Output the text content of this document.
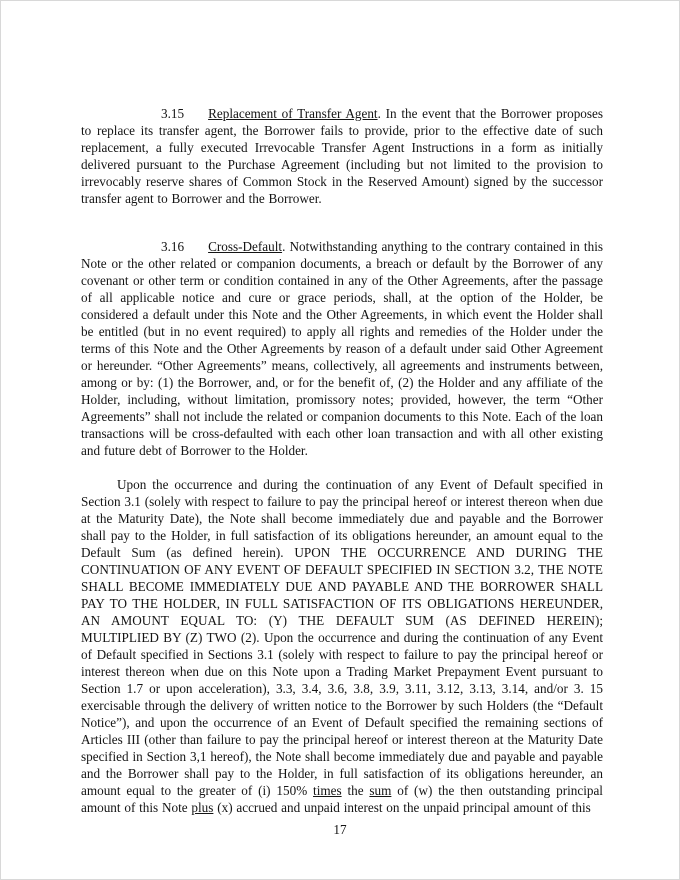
3.15 Replacement of Transfer Agent. In the event that the Borrower proposes to replace its transfer agent, the Borrower fails to provide, prior to the effective date of such replacement, a fully executed Irrevocable Transfer Agent Instructions in a form as initially delivered pursuant to the Purchase Agreement (including but not limited to the provision to irrevocably reserve shares of Common Stock in the Reserved Amount) signed by the successor transfer agent to Borrower and the Borrower.

3.16 Cross-Default. Notwithstanding anything to the contrary contained in this Note or the other related or companion documents, a breach or default by the Borrower of any covenant or other term or condition contained in any of the Other Agreements, after the passage of all applicable notice and cure or grace periods, shall, at the option of the Holder, be considered a default under this Note and the Other Agreements, in which event the Holder shall be entitled (but in no event required) to apply all rights and remedies of the Holder under the terms of this Note and the Other Agreements by reason of a default under said Other Agreement or hereunder. “Other Agreements” means, collectively, all agreements and instruments between, among or by: (1) the Borrower, and, or for the benefit of, (2) the Holder and any affiliate of the Holder, including, without limitation, promissory notes; provided, however, the term “Other Agreements” shall not include the related or companion documents to this Note. Each of the loan transactions will be cross-defaulted with each other loan transaction and with all other existing and future debt of Borrower to the Holder.

Upon the occurrence and during the continuation of any Event of Default specified in Section 3.1 (solely with respect to failure to pay the principal hereof or interest thereon when due at the Maturity Date), the Note shall become immediately due and payable and the Borrower shall pay to the Holder, in full satisfaction of its obligations hereunder, an amount equal to the Default Sum (as defined herein). UPON THE OCCURRENCE AND DURING THE CONTINUATION OF ANY EVENT OF DEFAULT SPECIFIED IN SECTION 3.2, THE NOTE SHALL BECOME IMMEDIATELY DUE AND PAYABLE AND THE BORROWER SHALL PAY TO THE HOLDER, IN FULL SATISFACTION OF ITS OBLIGATIONS HEREUNDER, AN AMOUNT EQUAL TO: (Y) THE DEFAULT SUM (AS DEFINED HEREIN); MULTIPLIED BY (Z) TWO (2). Upon the occurrence and during the continuation of any Event of Default specified in Sections 3.1 (solely with respect to failure to pay the principal hereof or interest thereon when due on this Note upon a Trading Market Prepayment Event pursuant to Section 1.7 or upon acceleration), 3.3, 3.4, 3.6, 3.8, 3.9, 3.11, 3.12, 3.13, 3.14, and/or 3. 15 exercisable through the delivery of written notice to the Borrower by such Holders (the “Default Notice”), and upon the occurrence of an Event of Default specified the remaining sections of Articles III (other than failure to pay the principal hereof or interest thereon at the Maturity Date specified in Section 3,1 hereof), the Note shall become immediately due and payable and payable and the Borrower shall pay to the Holder, in full satisfaction of its obligations hereunder, an amount equal to the greater of (i) 150% times the sum of (w) the then outstanding principal amount of this Note plus (x) accrued and unpaid interest on the unpaid principal amount of this

17
